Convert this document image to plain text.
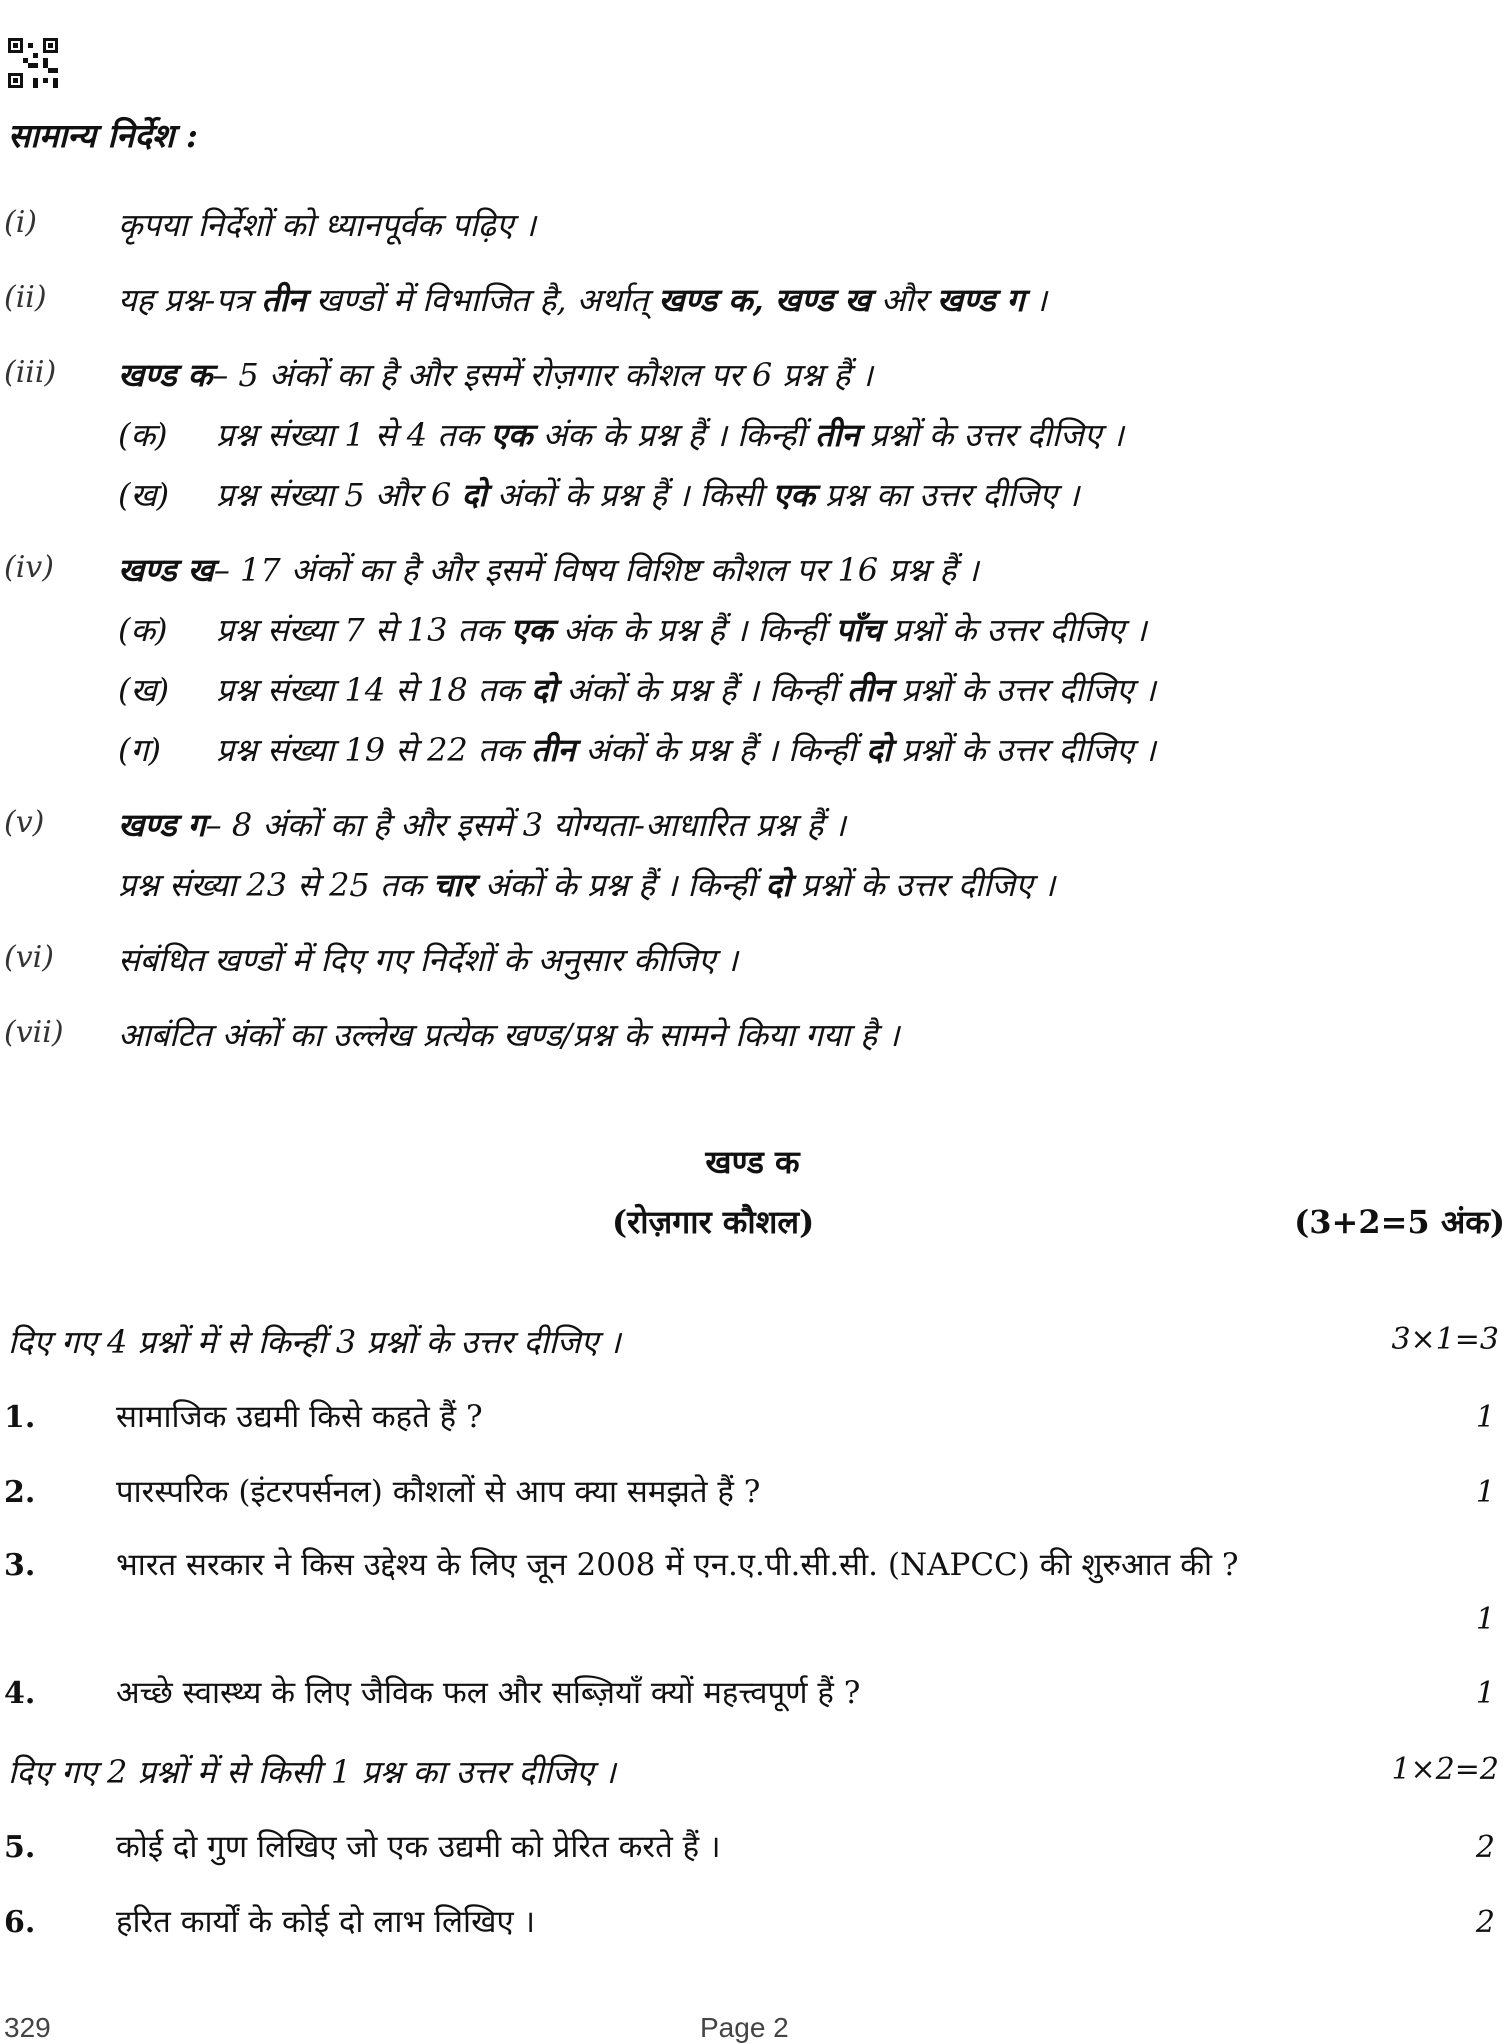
सामान्य निर्देश :
(i)	कृपया निर्देशों को ध्यानपूर्वक पढ़िए ।
(ii) यह प्रश्न-पत्र तीन खण्डों में विभाजित है, अर्थात् खण्ड क, खण्ड ख और खण्ड ग ।
(iii) खण्ड क– 5 अंकों का है और इसमें रोज़गार कौशल पर 6 प्रश्न हैं ।
(क) प्रश्न संख्या 1 से 4 तक एक अंक के प्रश्न हैं । किन्हीं तीन प्रश्नों के उत्तर दीजिए ।
(ख) प्रश्न संख्या 5 और 6 दो अंकों के प्रश्न हैं । किसी एक प्रश्न का उत्तर दीजिए ।
(iv) खण्ड ख– 17 अंकों का है और इसमें विषय विशिष्ट कौशल पर 16 प्रश्न हैं ।
(क) प्रश्न संख्या 7 से 13 तक एक अंक के प्रश्न हैं । किन्हीं पाँच प्रश्नों के उत्तर दीजिए ।
(ख) प्रश्न संख्या 14 से 18 तक दो अंकों के प्रश्न हैं । किन्हीं तीन प्रश्नों के उत्तर दीजिए ।
(ग) प्रश्न संख्या 19 से 22 तक तीन अंकों के प्रश्न हैं । किन्हीं दो प्रश्नों के उत्तर दीजिए ।
(v) खण्ड ग– 8 अंकों का है और इसमें 3 योग्यता-आधारित प्रश्न हैं ।
प्रश्न संख्या 23 से 25 तक चार अंकों के प्रश्न हैं । किन्हीं दो प्रश्नों के उत्तर दीजिए ।
(vi) संबंधित खण्डों में दिए गए निर्देशों के अनुसार कीजिए ।
(vii) आबंटित अंकों का उल्लेख प्रत्येक खण्ड/प्रश्न के सामने किया गया है ।
खण्ड क
(रोज़गार कौशल)	(3+2=5 अंक)
दिए गए 4 प्रश्नों में से किन्हीं 3 प्रश्नों के उत्तर दीजिए ।	3×1=3
1.	सामाजिक उद्यमी किसे कहते हैं ?	1
2.	पारस्परिक (इंटरपर्सनल) कौशलों से आप क्या समझते हैं ?	1
3.	भारत सरकार ने किस उद्देश्य के लिए जून 2008 में एन.ए.पी.सी.सी. (NAPCC) की शुरुआत की ?
1
4.	अच्छे स्वास्थ्य के लिए जैविक फल और सब्ज़ियाँ क्यों महत्त्वपूर्ण हैं ?	1
दिए गए 2 प्रश्नों में से किसी 1 प्रश्न का उत्तर दीजिए ।	1×2=2
5.	कोई दो गुण लिखिए जो एक उद्यमी को प्रेरित करते हैं ।	2
6.	हरित कार्यों के कोई दो लाभ लिखिए ।	2
329	Page 2
